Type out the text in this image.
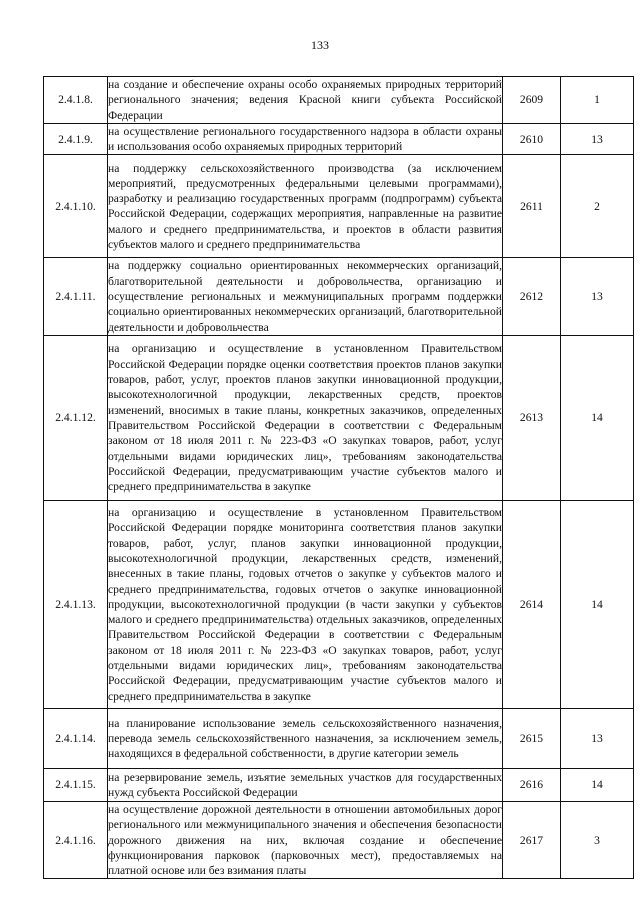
133
2.4.1.8.	на создание и обеспечение охраны особо охраняемых природных территорий регионального значения; ведения Красной книги субъекта Российской Федерации	2609	1
2.4.1.9.	на осуществление регионального государственного надзора в области охраны и использования особо охраняемых природных территорий	2610	13
2.4.1.10.	на поддержку сельскохозяйственного производства (за исключением мероприятий, предусмотренных федеральными целевыми программами), разработку и реализацию государственных программ (подпрограмм) субъекта Российской Федерации, содержащих мероприятия, направленные на развитие малого и среднего предпринимательства, и проектов в области развития субъектов малого и среднего предпринимательства	2611	2
2.4.1.11.	на поддержку социально ориентированных некоммерческих организаций, благотворительной деятельности и добровольчества, организацию и осуществление региональных и межмуниципальных программ поддержки социально ориентированных некоммерческих организаций, благотворительной деятельности и добровольчества	2612	13
2.4.1.12.	на организацию и осуществление в установленном Правительством Российской Федерации порядке оценки соответствия проектов планов закупки товаров, работ, услуг, проектов планов закупки инновационной продукции, высокотехнологичной продукции, лекарственных средств, проектов изменений, вносимых в такие планы, конкретных заказчиков, определенных Правительством Российской Федерации в соответствии с Федеральным законом от 18 июля 2011 г. № 223-ФЗ «О закупках товаров, работ, услуг отдельными видами юридических лиц», требованиям законодательства Российской Федерации, предусматривающим участие субъектов малого и среднего предпринимательства в закупке	2613	14
2.4.1.13.	на организацию и осуществление в установленном Правительством Российской Федерации порядке мониторинга соответствия планов закупки товаров, работ, услуг, планов закупки инновационной продукции, высокотехнологичной продукции, лекарственных средств, изменений, внесенных в такие планы, годовых отчетов о закупке у субъектов малого и среднего предпринимательства, годовых отчетов о закупке инновационной продукции, высокотехнологичной продукции (в части закупки у субъектов малого и среднего предпринимательства) отдельных заказчиков, определенных Правительством Российской Федерации в соответствии с Федеральным законом от 18 июля 2011 г. № 223-ФЗ «О закупках товаров, работ, услуг отдельными видами юридических лиц», требованиям законодательства Российской Федерации, предусматривающим участие субъектов малого и среднего предпринимательства в закупке	2614	14
2.4.1.14.	на планирование использование земель сельскохозяйственного назначения, перевода земель сельскохозяйственного назначения, за исключением земель, находящихся в федеральной собственности, в другие категории земель	2615	13
2.4.1.15.	на резервирование земель, изъятие земельных участков для государственных нужд субъекта Российской Федерации	2616	14
2.4.1.16.	на осуществление дорожной деятельности в отношении автомобильных дорог регионального или межмуниципального значения и обеспечения безопасности дорожного движения на них, включая создание и обеспечение функционирования парковок (парковочных мест), предоставляемых на платной основе или без взимания платы	2617	3
